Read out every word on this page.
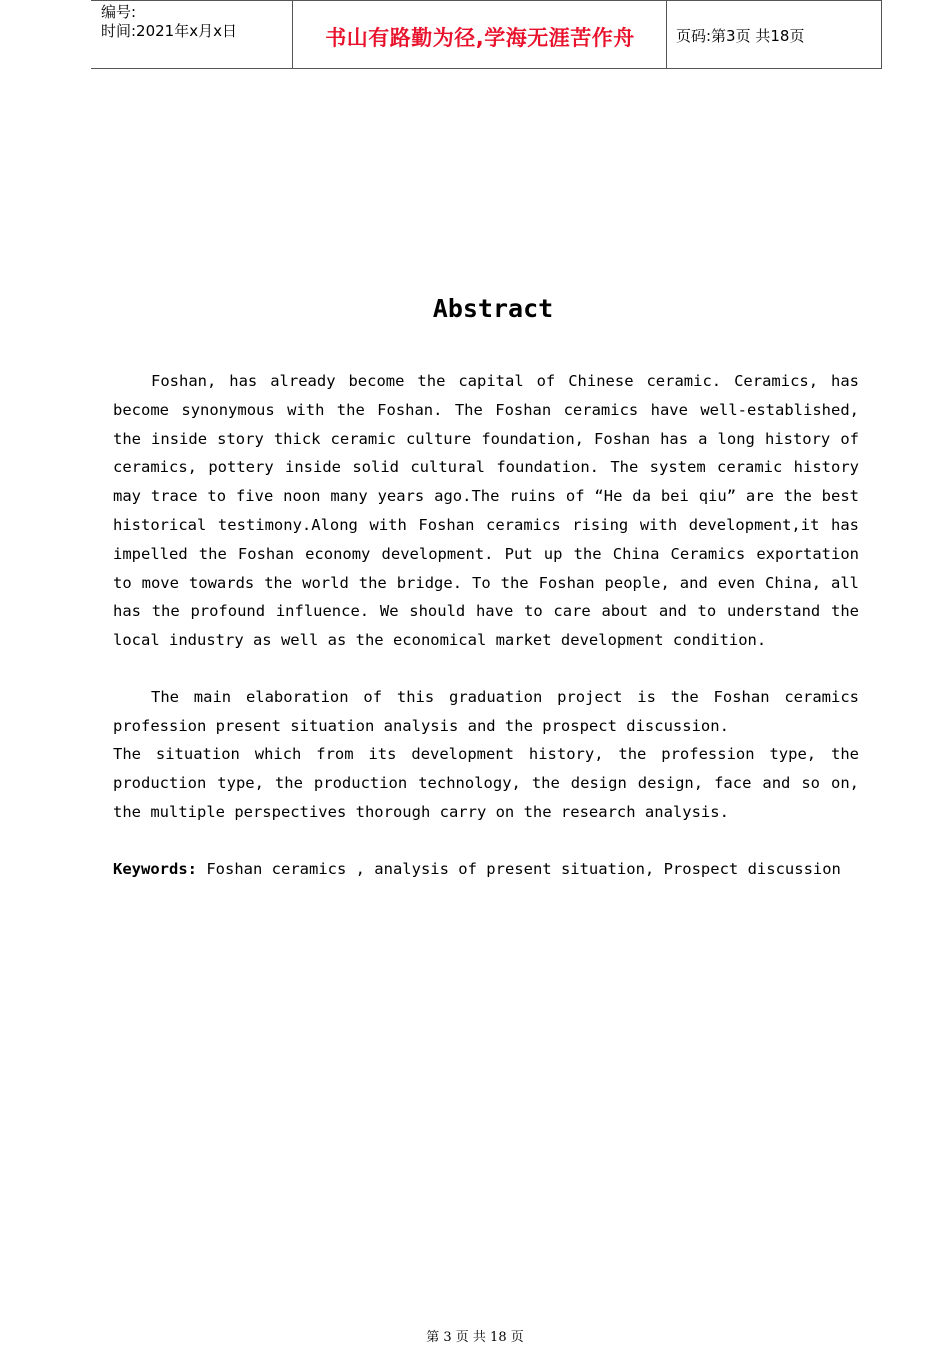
编号:
时间:2021年x月x日	书山有路勤为径,学海无涯苦作舟	页码:第3页 共18页
Abstract

Foshan, has already become the capital of Chinese ceramic. Ceramics, has become synonymous with the Foshan. The Foshan ceramics have well-established, the inside story thick ceramic culture foundation, Foshan has a long history of ceramics, pottery inside solid cultural foundation. The system ceramic history may trace to five noon many years ago.The ruins of “He da bei qiu” are the best historical testimony.Along with Foshan ceramics rising with development,it has impelled the Foshan economy development. Put up the China Ceramics exportation to move towards the world the bridge. To the Foshan people, and even China, all has the profound influence. We should have to care about and to understand the local industry as well as the economical market development condition.

The main elaboration of this graduation project is the Foshan ceramics profession present situation analysis and the prospect discussion.

The situation which from its development history, the profession type, the production type, the production technology, the design design, face and so on, the multiple perspectives thorough carry on the research analysis.

Keywords: Foshan ceramics , analysis of present situation, Prospect discussion

第 3 页 共 18 页
